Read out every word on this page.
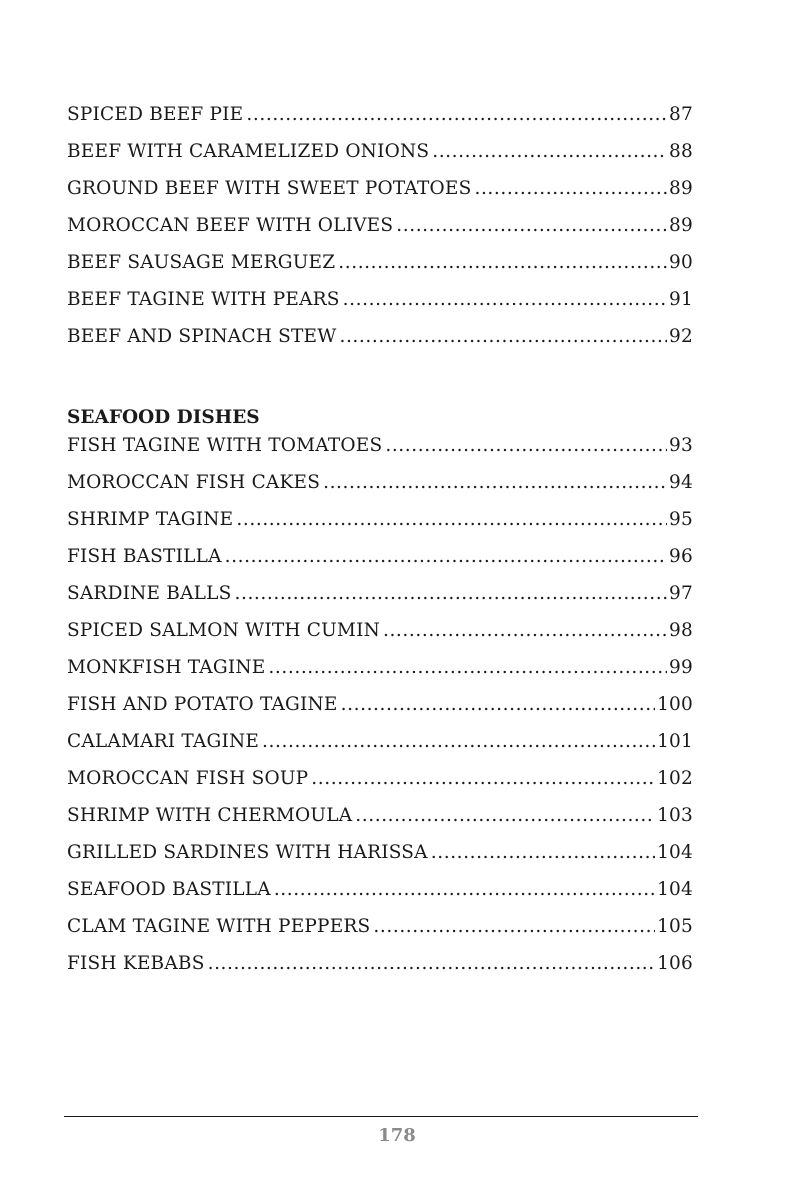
SPICED BEEF PIE .....	87
BEEF WITH CARAMELIZED ONIONS .....	88
GROUND BEEF WITH SWEET POTATOES .....	89
MOROCCAN BEEF WITH OLIVES .....	89
BEEF SAUSAGE MERGUEZ .....	90
BEEF TAGINE WITH PEARS .....	91
BEEF AND SPINACH STEW .....	92
SEAFOOD DISHES
FISH TAGINE WITH TOMATOES .....	93
MOROCCAN FISH CAKES .....	94
SHRIMP TAGINE .....	95
FISH BASTILLA .....	96
SARDINE BALLS .....	97
SPICED SALMON WITH CUMIN .....	98
MONKFISH TAGINE .....	99
FISH AND POTATO TAGINE .....	100
CALAMARI TAGINE .....	101
MOROCCAN FISH SOUP .....	102
SHRIMP WITH CHERMOULA .....	103
GRILLED SARDINES WITH HARISSA .....	104
SEAFOOD BASTILLA .....	104
CLAM TAGINE WITH PEPPERS .....	105
FISH KEBABS .....	106
178
